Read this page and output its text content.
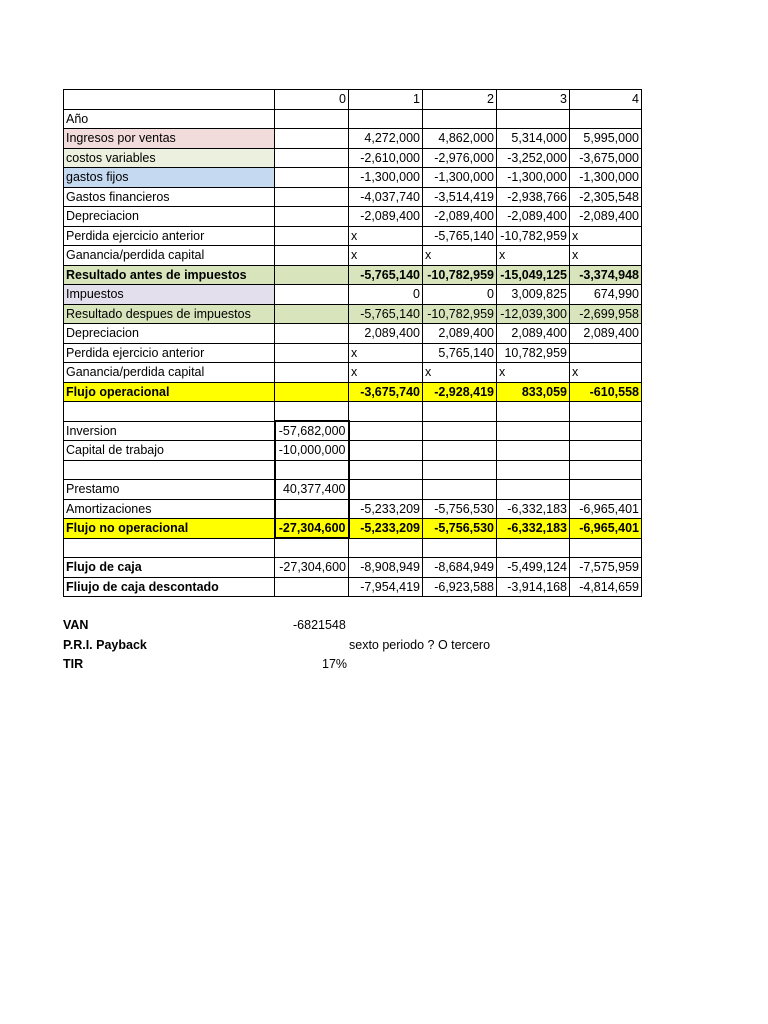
	0	1	2	3	4
Año					
Ingresos por ventas		4,272,000	4,862,000	5,314,000	5,995,000
costos variables		-2,610,000	-2,976,000	-3,252,000	-3,675,000
gastos fijos		-1,300,000	-1,300,000	-1,300,000	-1,300,000
Gastos financieros		-4,037,740	-3,514,419	-2,938,766	-2,305,548
Depreciacion		-2,089,400	-2,089,400	-2,089,400	-2,089,400
Perdida ejercicio anterior		x	-5,765,140	-10,782,959	x
Ganancia/perdida capital		x	x	x	x
Resultado antes de impuestos		-5,765,140	-10,782,959	-15,049,125	-3,374,948
Impuestos		0	0	3,009,825	674,990
Resultado despues de impuestos		-5,765,140	-10,782,959	-12,039,300	-2,699,958
Depreciacion		2,089,400	2,089,400	2,089,400	2,089,400
Perdida ejercicio anterior		x	5,765,140	10,782,959	
Ganancia/perdida capital		x	x	x	x
Flujo operacional		-3,675,740	-2,928,419	833,059	-610,558

Inversion	-57,682,000				
Capital de trabajo	-10,000,000				

Prestamo	40,377,400				
Amortizaciones		-5,233,209	-5,756,530	-6,332,183	-6,965,401
Flujo no operacional	-27,304,600	-5,233,209	-5,756,530	-6,332,183	-6,965,401

Flujo de caja	-27,304,600	-8,908,949	-8,684,949	-5,499,124	-7,575,959
Fliujo de caja descontado		-7,954,419	-6,923,588	-3,914,168	-4,814,659
VAN	-6821548
P.R.I. Payback	sexto periodo ? O tercero
TIR	17%
